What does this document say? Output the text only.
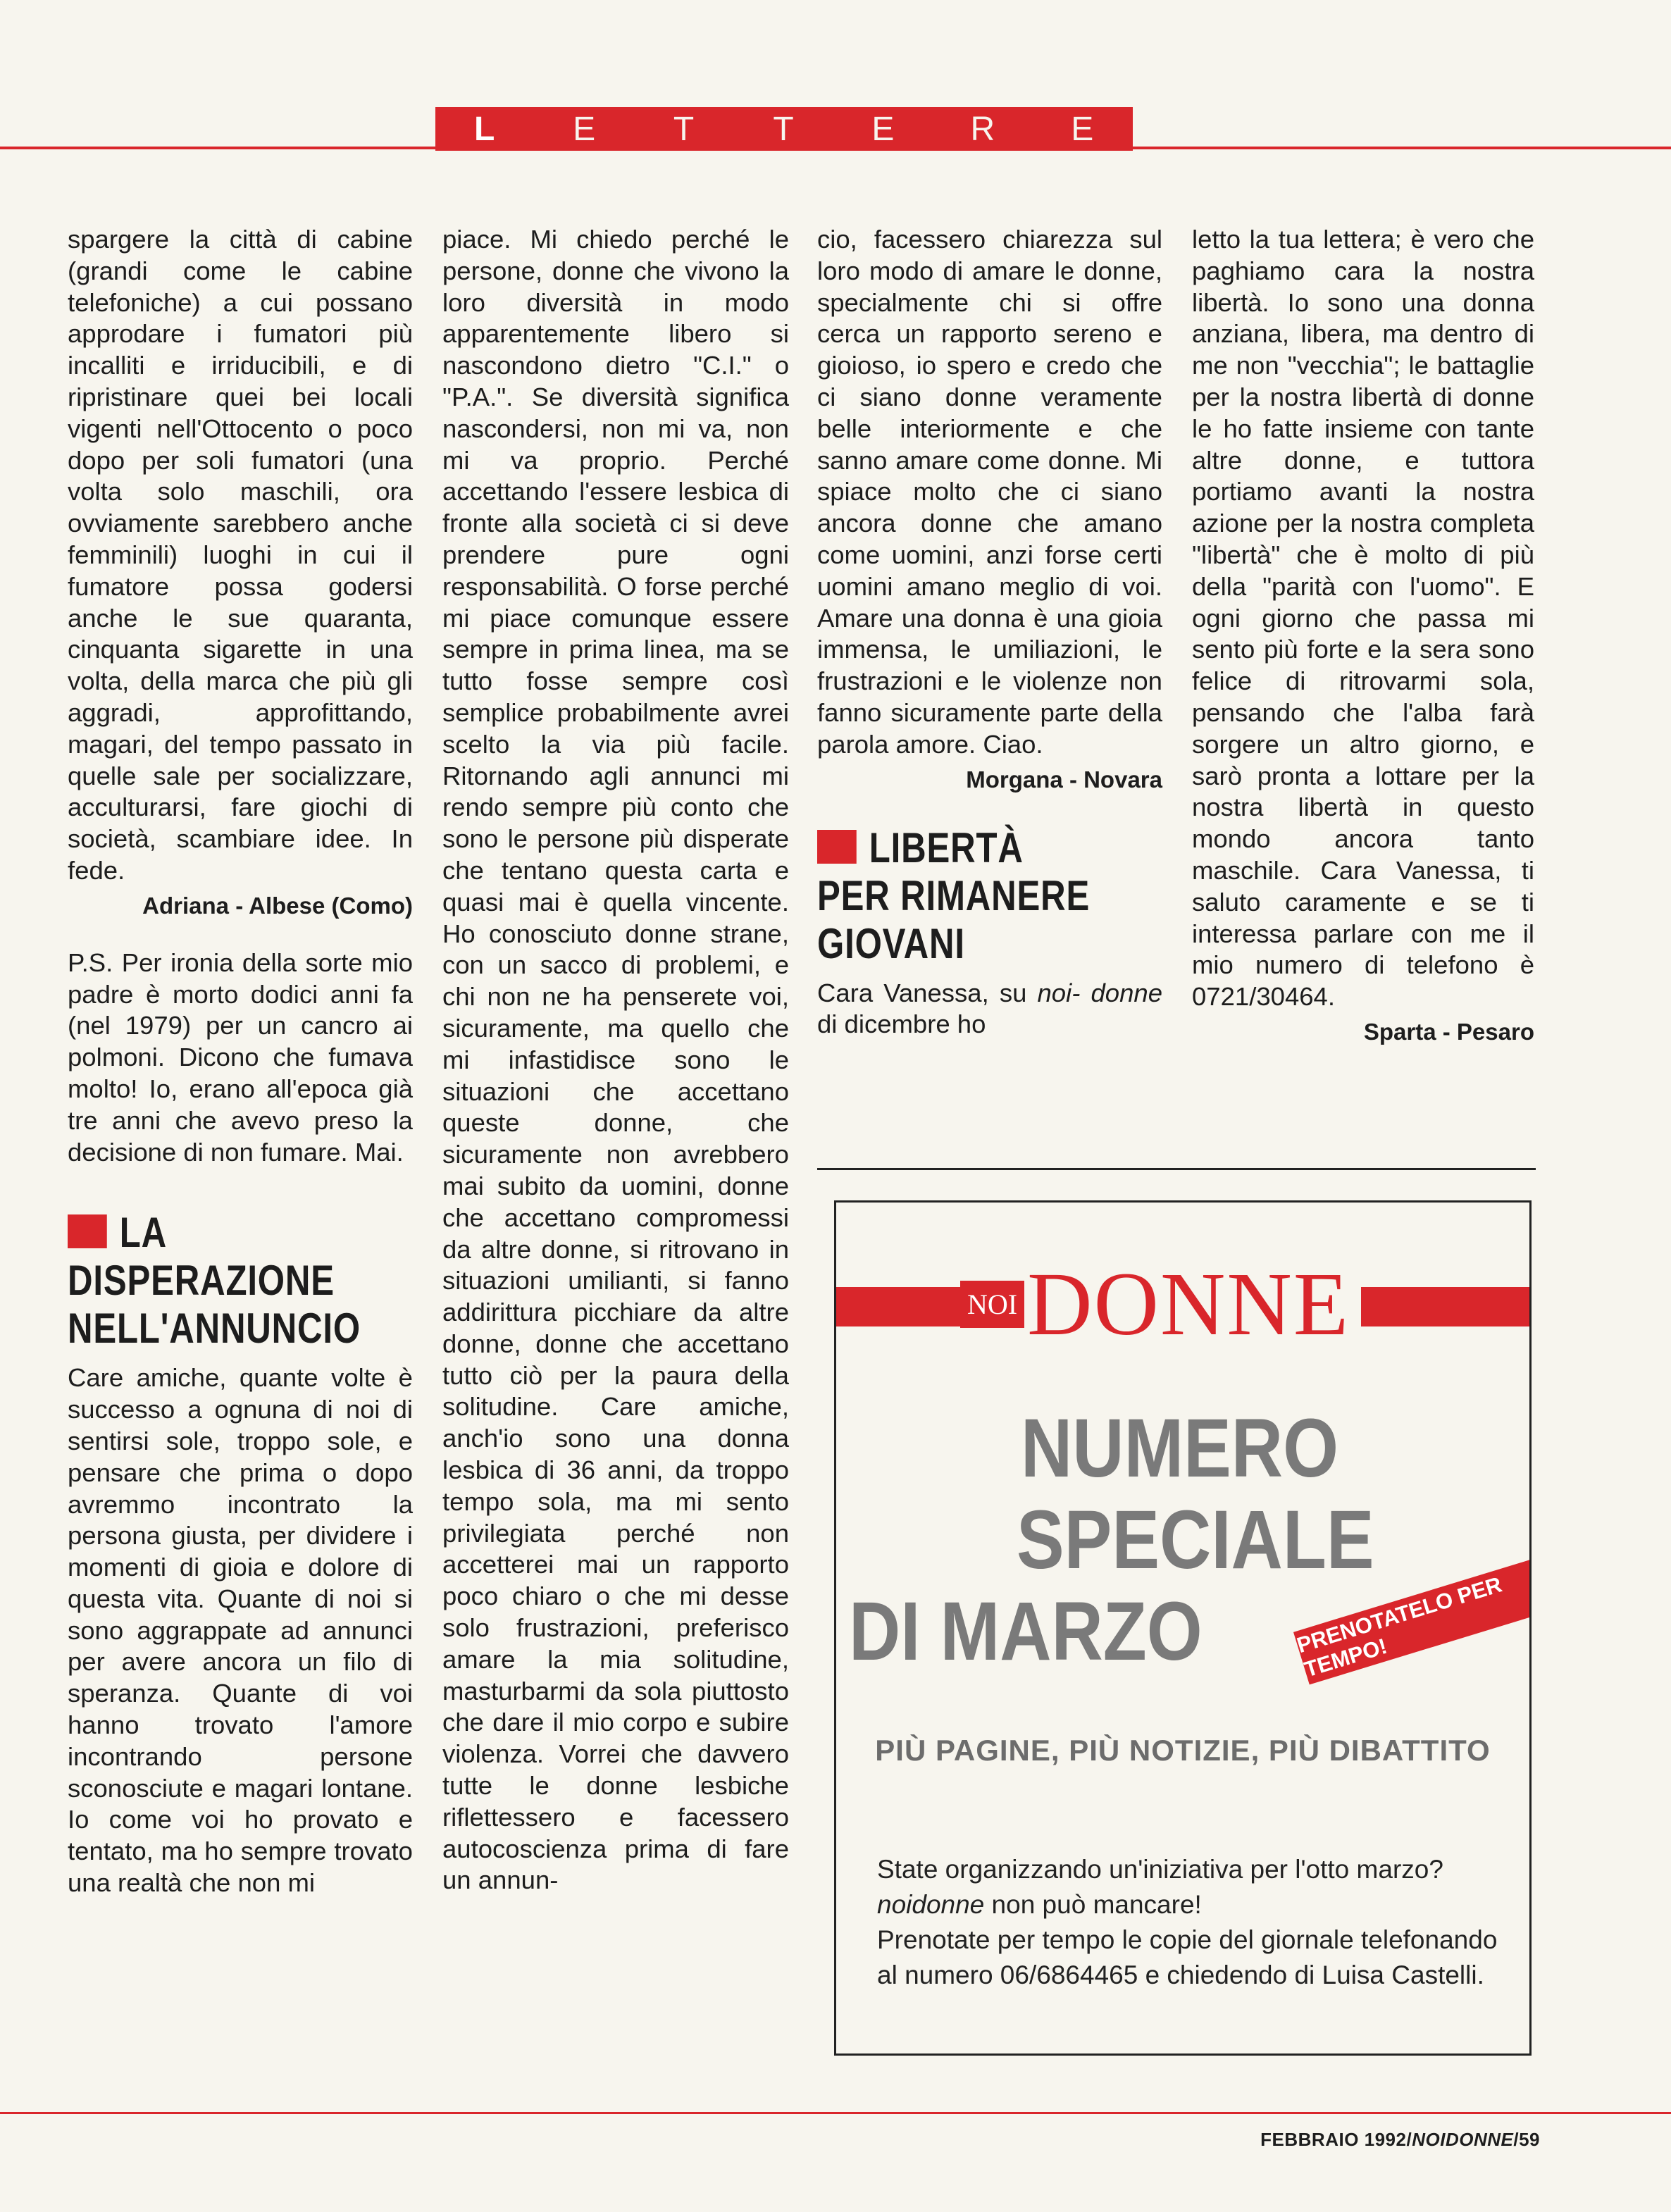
L	E	T	T	E	R	E

spargere la città di cabine (grandi come le cabine telefoniche) a cui possano approdare i fumatori più incalliti e irriducibili, e di ripristinare quei bei locali vigenti nell'Ottocento o poco dopo per soli fumatori (una volta solo maschili, ora ovviamente sarebbero anche femminili) luoghi in cui il fumatore possa godersi anche le sue quaranta, cinquanta sigarette in una volta, della marca che più gli aggradi, approfittando, magari, del tempo passato in quelle sale per socializzare, acculturarsi, fare giochi di società, scambiare idee. In fede.

Adriana - Albese (Como)

P.S. Per ironia della sorte mio padre è morto dodici anni fa (nel 1979) per un cancro ai polmoni. Dicono che fumava molto! Io, erano all'epoca già tre anni che avevo preso la decisione di non fumare. Mai.

LA
DISPERAZIONE
NELL'ANNUNCIO

Care amiche, quante volte è successo a ognuna di noi di sentirsi sole, troppo sole, e pensare che prima o dopo avremmo incontrato la persona giusta, per dividere i momenti di gioia e dolore di questa vita. Quante di noi si sono aggrappate ad annunci per avere ancora un filo di speranza. Quante di voi hanno trovato l'amore incontrando persone sconosciute e magari lontane. Io come voi ho provato e tentato, ma ho sempre trovato una realtà che non mi

piace. Mi chiedo perché le persone, donne che vivono la loro diversità in modo apparentemente libero si nascondono dietro "C.I." o "P.A.". Se diversità significa nascondersi, non mi va, non mi va proprio. Perché accettando l'essere lesbica di fronte alla società ci si deve prendere pure ogni responsabilità. O forse perché mi piace comunque essere sempre in prima linea, ma se tutto fosse sempre così semplice probabilmente avrei scelto la via più facile. Ritornando agli annunci mi rendo sempre più conto che sono le persone più disperate che tentano questa carta e quasi mai è quella vincente. Ho conosciuto donne strane, con un sacco di problemi, e chi non ne ha penserete voi, sicuramente, ma quello che mi infastidisce sono le situazioni che accettano queste donne, che sicuramente non avrebbero mai subito da uomini, donne che accettano compromessi da altre donne, si ritrovano in situazioni umilianti, si fanno addirittura picchiare da altre donne, donne che accettano tutto ciò per la paura della solitudine. Care amiche, anch'io sono una donna lesbica di 36 anni, da troppo tempo sola, ma mi sento privilegiata perché non accetterei mai un rapporto poco chiaro o che mi desse solo frustrazioni, preferisco amare la mia solitudine, masturbarmi da sola piuttosto che dare il mio corpo e subire violenza. Vorrei che davvero tutte le donne lesbiche riflettessero e facessero autocoscienza prima di fare un annun-

cio, facessero chiarezza sul loro modo di amare le donne, specialmente chi si offre cerca un rapporto sereno e gioioso, io spero e credo che ci siano donne veramente belle interiormente e che sanno amare come donne. Mi spiace molto che ci siano ancora donne che amano come uomini, anzi forse certi uomini amano meglio di voi. Amare una donna è una gioia immensa, le umiliazioni, le frustrazioni e le violenze non fanno sicuramente parte della parola amore. Ciao.

Morgana - Novara
LIBERTÀ
PER RIMANERE
GIOVANI

Cara Vanessa, su noi- donne di dicembre ho

letto la tua lettera; è vero che paghiamo cara la nostra libertà. Io sono una donna anziana, libera, ma dentro di me non "vecchia"; le battaglie per la nostra libertà di donne le ho fatte insieme con tante altre donne, e tuttora portiamo avanti la nostra azione per la nostra completa "libertà" che è molto di più della "parità con l'uomo". E ogni giorno che passa mi sento più forte e la sera sono felice di ritrovarmi sola, pensando che l'alba farà sorgere un altro giorno, e sarò pronta a lottare per la nostra libertà in questo mondo ancora tanto maschile. Cara Vanessa, ti saluto caramente e se ti interessa parlare con me il mio numero di telefono è 0721/30464.

Sparta - Pesaro
NOI DONNE
NUMERO
SPECIALE
DI MARZO	PRENOTATELO PER TEMPO!
PIÙ PAGINE, PIÙ NOTIZIE, PIÙ DIBATTITO

State organizzando un'iniziativa per l'otto marzo?

noidonne non può mancare!

Prenotate per tempo le copie del giornale telefonando al numero 06/6864465 e chiedendo di Luisa Castelli.

FEBBRAIO 1992/NOIDONNE/59
